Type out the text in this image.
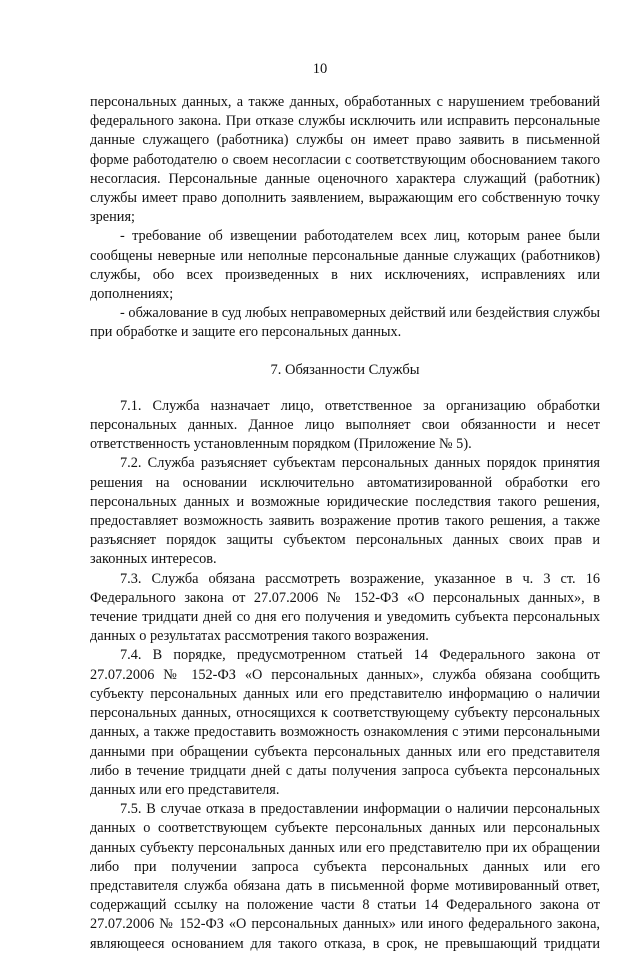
10

персональных данных, а также данных, обработанных с нарушением требований федерального закона. При отказе службы исключить или исправить персональные данные служащего (работника) службы он имеет право заявить в письменной форме работодателю о своем несогласии с соответствующим обоснованием такого несогласия. Персональные данные оценочного характера служащий (работник) службы имеет право дополнить заявлением, выражающим его собственную точку зрения;

- требование об извещении работодателем всех лиц, которым ранее были сообщены неверные или неполные персональные данные служащих (работников) службы, обо всех произведенных в них исключениях, исправлениях или дополнениях;

- обжалование в суд любых неправомерных действий или бездействия службы при обработке и защите его персональных данных.

7. Обязанности Службы

7.1. Служба назначает лицо, ответственное за организацию обработки персональных данных. Данное лицо выполняет свои обязанности и несет ответственность установленным порядком (Приложение № 5).

7.2. Служба разъясняет субъектам персональных данных порядок принятия решения на основании исключительно автоматизированной обработки его персональных данных и возможные юридические последствия такого решения, предоставляет возможность заявить возражение против такого решения, а также разъясняет порядок защиты субъектом персональных данных своих прав и законных интересов.

7.3. Служба обязана рассмотреть возражение, указанное в ч. 3 ст. 16 Федерального закона от 27.07.2006 № 152-ФЗ «О персональных данных», в течение тридцати дней со дня его получения и уведомить субъекта персональных данных о результатах рассмотрения такого возражения.

7.4. В порядке, предусмотренном статьей 14 Федерального закона от 27.07.2006 № 152-ФЗ «О персональных данных», служба обязана сообщить субъекту персональных данных или его представителю информацию о наличии персональных данных, относящихся к соответствующему субъекту персональных данных, а также предоставить возможность ознакомления с этими персональными данными при обращении субъекта персональных данных или его представителя либо в течение тридцати дней с даты получения запроса субъекта персональных данных или его представителя.

7.5. В случае отказа в предоставлении информации о наличии персональных данных о соответствующем субъекте персональных данных или персональных данных субъекту персональных данных или его представителю при их обращении либо при получении запроса субъекта персональных данных или его представителя служба обязана дать в письменной форме мотивированный ответ, содержащий ссылку на положение части 8 статьи 14 Федерального закона от 27.07.2006 № 152-ФЗ «О персональных данных» или иного федерального закона, являющееся основанием для такого отказа, в срок, не превышающий тридцати
